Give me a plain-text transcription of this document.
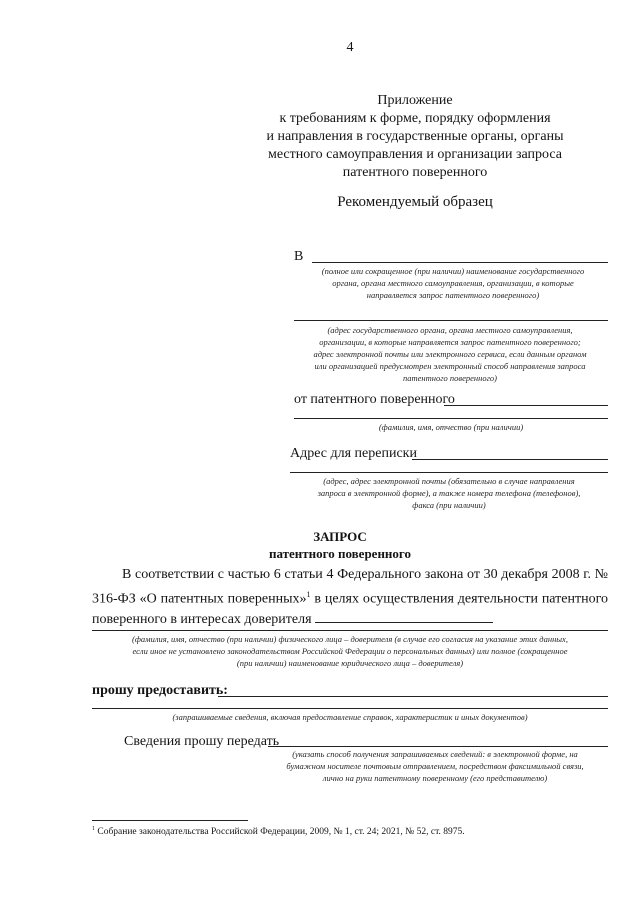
4
Приложение
к требованиям к форме, порядку оформления
и направления в государственные органы, органы
местного самоуправления и организации запроса
патентного поверенного
Рекомендуемый образец
В
(полное или сокращенное (при наличии) наименование государственного
органа, органа местного самоуправления, организации, в которые
направляется запрос патентного поверенного)
(адрес государственного органа, органа местного самоуправления,
организации, в которые направляется запрос патентного поверенного;
адрес электронной почты или электронного сервиса, если данным органом
или организацией предусмотрен электронный способ направления запроса
патентного поверенного)
от патентного поверенного
(фамилия, имя, отчество (при наличии)
Адрес для переписки
(адрес, адрес электронной почты (обязательно в случае направления
запроса в электронной форме), а также номера телефона (телефонов),
факса (при наличии)
ЗАПРОС
патентного поверенного
В соответствии с частью 6 статьи 4 Федерального закона от 30 декабря 2008 г. № 316-ФЗ «О патентных поверенных»$^1$ в целях осуществления деятельности патентного поверенного в интересах доверителя
(фамилия, имя, отчество (при наличии) физического лица – доверителя (в случае его согласия на указание этих данных,
если иное не установлено законодательством Российской Федерации о персональных данных) или полное (сокращенное
(при наличии) наименование юридического лица – доверителя)
прошу предоставить:
(запрашиваемые сведения, включая предоставление справок, характеристик и иных документов)
Сведения прошу передать
(указать способ получения запрашиваемых сведений: в электронной форме, на
бумажном носителе почтовым отправлением, посредством факсимильной связи,
лично на руки патентному поверенному (его представителю)
$^1$ Собрание законодательства Российской Федерации, 2009, № 1, ст. 24; 2021, № 52, ст. 8975.
